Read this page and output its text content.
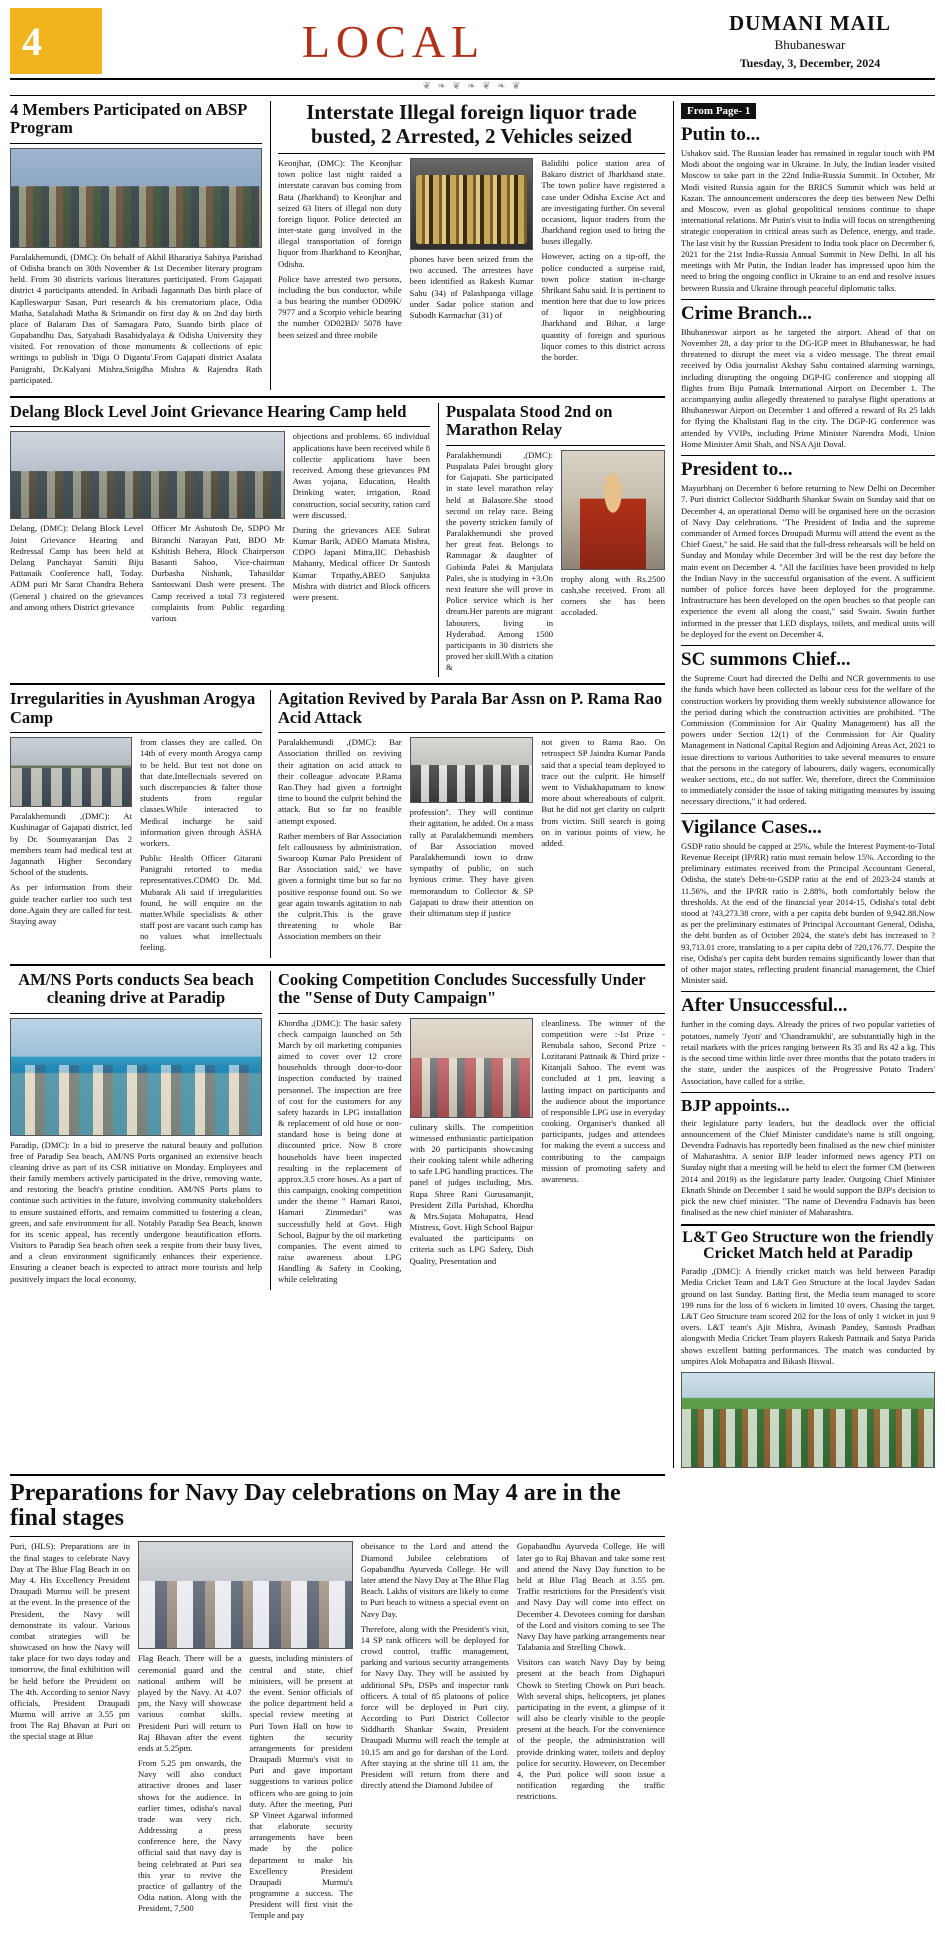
4	LOCAL	DUMANI MAIL
Bhubaneswar
Tuesday, 3, December, 2024
❦ ❧ ❦ ❧ ❦ ❧ ❦
4 Members Participated on ABSP Program

Paralakhemundi, (DMC): On behalf of Akhil Bharatiya Sahitya Parishad of Odisha branch on 30th November & 1st December literary program held. From 30 districts various literatures participated. From Gajapati district 4 participants attended. In Aribadi Jagannath Das birth place of Kaplleswarpur Sasan, Puri research & his crematorium place, Odia Matha, Satalahadi Matha & Srimandir on first day & on 2nd day birth place of Balaram Das of Samagara Pato, Suando birth place of Gopabandhu Das, Satyabadi Basabidyalaya & Odisha University they visited. For renovation of those monuments & collections of epic writings to publish in 'Diga O Diganta'.From Gajapati district Asalata Panigrahi, Dr.Kalyani Mishra,Snigdha Mishra & Rajendra Rath participated.

Interstate Illegal foreign liquor trade busted, 2 Arrested, 2 Vehicles seized

Keonjhar, (DMC): The Keonjhar town police last night raided a interstate caravan bus coming from Bata (Jharkhand) to Keonjhar and seized 63 liters of illegal non duty foreign liquor. Police detected an inter-state gang involved in the illegal transportation of foreign liquor from Jharkhand to Keonjhar, Odisha.

Police have arrested two persons, including the bus conductor, while a bus bearing the number OD09K/ 7977 and a Scorpio vehicle bearing the number OD02BD/ 5078 have been seized and three mobile

phones have been seized from the two accused. The arrestees have been identified as Rakesh Kumar Sahu (34) of Palashpanga village under Sadar police station and Subodh Karmachar (31) of

Balidihi police station area of Bakaro district of Jharkhand state. The town police have registered a case under Odisha Excise Act and are investigating further. On several occasions, liquor traders from the Jharkhand region used to bring the buses illegally.

However, acting on a tip-off, the police conducted a surprise raid, town police station in-charge Shrikant Sahu said. It is pertinent to mention here that due to low prices of liquor in neighbouring Jharkhand and Bihar, a large quantity of foreign and spurious liquor comes to this district across the border.

Delang Block Level Joint Grievance Hearing Camp held

Delang, (DMC): Delang Block Level Joint Grievance Hearing and Redressal Camp has been held at Delang Panchayat Samiti Biju Pattanaik Conference hall, Today. ADM puri Mr Sarat Chandra Behera (General ) chaired on the grievances and among others District grievance

Officer Mr Ashutosh De, SDPO Mr Biranchi Narayan Pati, BDO Mr Kshitish Behera, Block Chairperson Basanti Sahoo, Vice-chairman Durbasha Nishank, Tahasildar Santoswani Dash were present. The Camp received a total 73 registered complaints from Public regarding various

objections and problems. 65 individual applications have been received while 8 collectie applications have been received. Among these grievances PM Awas yojana, Education, Health Drinking water, irrigation, Road construction, social security, ration card were discussed.

During the grievances AEE Subrat Kumar Barik, ADEO Mamata Mishra, CDPO Japani Mitra,IIC Debashish Mahanty, Medical officer Dr Santosh Kumar Tripathy,ABEO Sanjukta Mishra with district and Block officers were present.

Puspalata Stood 2nd on Marathon Relay

Paralakhemundi ,(DMC): Puspalata Palei brought glory for Gajapati. She participated in state level marathon relay held at Balasore.She stood second on relay race. Being the poverty stricken family of Paralakhemundi she proved her great feat. Belongs to Ramnagar & daughter of Gobinda Palei & Manjulata Palei, she is studying in +3.On next feature she will prove in Police service which is her dream.Her parents are migrant labourers, living in Hyderabad. Among 1500 participants in 30 districts she proved her skill.With a citation &

trophy along with Rs.2500 cash,she received. From all corners she has been accoladed.

Irregularities in Ayushman Arogya Camp

Paralakhemundi ,(DMC): At Kushinagar of Gajapati district, led by Dr. Soumyaranjan Das 2 members team had medical test at Jagannath Higher Secondary School of the students.

As per information from their guide teacher earlier too such test done.Again they are called for test. Staying away

from classes they are called. On 14th of every month Arogya camp to be held. But test not done on that date.Intellectuals severed on such discrepancies & falter those students from regular classes.While interacted to Medical incharge he said information given through ASHA workers.

Public Health Officer Gitarani Panigrahi retorted to media representatives.CDMO Dr. Md. Mubarak Ali said if irregularities found, he will enquire on the matter.While specialists & other staff post are vacant such camp has no values what intellectuals feeling.

Agitation Revived by Parala Bar Assn on P. Rama Rao Acid Attack

Paralakhemundi ,(DMC): Bar Association thrilled on reviving their agitation on acid attack to their colleague advocate P.Rama Rao.They had given a fortnight time to bound the culprit behind the attack. But so far no feasible attempt exposed.

Rather members of Bar Association felt callousness by administration. Swaroop Kumar Palo President of Bar Association said,' we have given a fortnight time but so far no positive response found out. So we gear again towards agitation to nab the culprit.This is the grave threatening to whole Bar Association members on their

profession''. They will continue their agitation, he added. On a mass rally at Paralakhemundi members of Bar Association moved Paralakhemundi town to draw sympathy of public, on such hynious crime. They have given memorandum to Collector & SP Gajapati to draw their attention on their ultimatum step if justice

not given to Rama Rao. On retrospect SP Jaindra Kumar Panda said that a special team deployed to trace out the culprit. He himself went to Vishakhapatnam to know more about whereabouts of culprit. But he did not get clarity on culprit from victim. Still search is going on in various points of view, he added.

AM/NS Ports conducts Sea beach cleaning drive at Paradip

Paradip, (DMC): In a bid to preserve the natural beauty and pollution free of Paradip Sea beach, AM/NS Ports organised an extensive beach cleaning drive as part of its CSR initiative on Monday. Employees and their family members actively participated in the drive, removing waste, and restoring the beach's pristine condition. AM/NS Ports plans to continue such activities in the future, involving community stakeholders to ensure sustained efforts, and remains committed to fostering a clean, green, and safe environment for all. Notably Paradip Sea Beach, known for its scenic appeal, has recently undergone beautification efforts. Visitors to Paradip Sea beach often seek a respite from their busy lives, and a clean environment significantly enhances their experience. Ensuring a cleaner beach is expected to attract more tourists and help positively impact the local economy,

Cooking Competition Concludes Successfully Under the "Sense of Duty Campaign"

Khordha ,(DMC): The basic safety check campaign launched on 5th March by oil marketing companies aimed to cover over 12 crore households through door-to-door inspection conducted by trained personnel. The inspection are free of cost for the customers for any safety hazards in LPG installation & replacement of old hose or non-standard hose is being done at discounted price. Now 8 crore households have been inspected resulting in the replacement of approx.3.5 crore hoses. As a part of this campaign, cooking competition under the theme " Hamari Rasoi, Hamari Zimmedari" was successfully held at Govt. High School, Bajpur by the oil marketing companies. The event aimed to raise awareness about LPG Handling & Safety in Cooking, while celebrating

culinary skills. The competition witnessed enthusiastic participation with 20 participants showcasing their cooking talent while adhering to safe LPG handling practices. The panel of judges including, Mrs. Rupa Shree Rani Gurusamanjit, President Zilla Parishad, Khordha & Mrs.Sujata Mohapatra, Head Mistress, Govt. High School Bajpur evaluated the participants on criteria such as LPG Safety, Dish Quality, Presentation and

cleanliness. The winner of the competition were :-Ist Prize - Renubala sahoo, Second Prize - Lozitarani Pattnaik & Third prize -Kitanjali Sahoo. The event was concluded at 1 pm, leaving a lasting impact on participants and the audience about the importance of responsible LPG use in everyday cooking. Organiser's thanked all participants, judges and attendees for making the event a success and contributing to the campaign mission of promoting safety and awareness.

From Page- 1
Putin to...

Ushakov said. The Russian leader has remained in regular touch with PM Modi about the ongoing war in Ukraine. In July, the Indian leader visited Moscow to take part in the 22nd India-Russia Summit. In October, Mr Modi visited Russia again for the BRICS Summit which was held at Kazan. The announcement underscores the deep ties between New Delhi and Moscow, even as global geopolitical tensions continue to shape international relations. Mr Putin's visit to India will focus on strengthening strategic cooperation in critical areas such as Defence, energy, and trade. The last visit by the Russian President to India took place on December 6, 2021 for the 21st India-Russia Annual Summit in New Delhi. In all his meetings with Mr Putin, the Indian leader has impressed upon him the need to bring the ongoing conflict in Ukraine to an end and resolve issues between Russia and Ukraine through peaceful diplomatic talks.

Crime Branch...

Bhubaneswar airport as he targeted the airport. Ahead of that on November 28, a day prior to the DG-IGP meet in Bhubaneswar, he had threatened to disrupt the meet via a video message. The threat email received by Odia journalist Akshay Sahu contained alarming warnings, including disrupting the ongoing DGP-IG conference and stopping all flights from Biju Patnaik International Airport on December 1. The accompanying audio allegedly threatened to paralyse flight operations at Bhubaneswar Airport on December 1 and offered a reward of Rs 25 lakh for flying the Khalistani flag in the city. The DGP-IG conference was attended by VVIPs, including Prime Minister Narendra Modi, Union Home Minister Amit Shah, and NSA Ajit Doval.

President to...

Mayurbhanj on December 6 before returning to New Delhi on December 7. Puri district Collector Siddharth Shankar Swain on Sunday said that on December 4, an operational Demo will be organised here on the occasion of Navy Day celebrations. "The President of India and the supreme commander of Armed forces Droupadi Murmu will attend the event as the Chief Guest," he said. He said that the full-dress rehearsals will be held on Sunday and Monday while December 3rd will be the rest day before the main event on December 4. "All the facilities have been provided to help the Indian Navy in the successful organisation of the event. A sufficient number of police forces have been deployed for the programme. Infrastructure has been developed on the open beaches so that people can experience the event all along the coast," said Swain. Swain further informed in the presser that LED displays, toilets, and medical units will be deployed for the event on December 4.

SC summons Chief...

the Supreme Court had directed the Delhi and NCR governments to use the funds which have been collected as labour cess for the welfare of the construction workers by providing them weekly subsistence allowance for the period during which the construction activities are prohibited. "The Commission (Commission for Air Quality Management) has all the powers under Section 12(1) of the Commission for Air Quality Management in National Capital Region and Adjoining Areas Act, 2021 to issue directions to various Authorities to take several measures to ensure that the persons in the category of labourers, daily wagers, economically weaker sections, etc., do not suffer. We, therefore, direct the Commission to immediately consider the issue of taking mitigating measures by issuing necessary directions," it had ordered.

Vigilance Cases...

GSDP ratio should be capped at 25%, while the Interest Payment-to-Total Revenue Receipt (IP/RR) ratio must remain below 15%. According to the preliminary estimates received from the Principal Accountant General, Odisha, the state's Debt-to-GSDP ratio at the end of 2023-24 stands at 11.56%, and the IP/RR ratio is 2.88%, both comfortably below the thresholds. At the end of the financial year 2014-15, Odisha's total debt stood at ?43,273.38 crore, with a per capita debt burden of 9,942.88.Now as per the preliminary estimates of Principal Accountant General, Odisha, the debt burden as of October 2024, the state's debt has increased to ?93,713.01 crore, translating to a per capita debt of ?20,176.77. Despite the rise, Odisha's per capita debt burden remains significantly lower than that of other major states, reflecting prudent financial management, the Chief Minister said.

After Unsuccessful...

further in the coming days. Already the prices of two popular varieties of potatoes, namely 'Jyoti' and 'Chandramukhi', are substantially high in the retail markets with the prices ranging between Rs 35 and Rs 42 a kg. This is the second time within little over three months that the potato traders in the state, under the auspices of the Progressive Potato Traders' Association, have called for a strike.

BJP appoints...

their legislature party leaders, but the deadlock over the official announcement of the Chief Minister candidate's name is still ongoing. Devendra Fadnavis has reportedly been finalised as the new chief minister of Maharashtra. A senior BJP leader informed news agency PTI on Sunday night that a meeting will be held to elect the former CM (between 2014 and 2019) as the legislature party leader. Outgoing Chief Minister Eknath Shinde on December 1 said he would support the BJP's decision to pick the new chief minister. "The name of Devendra Fadnavis has been finalised as the new chief minister of Maharashtra.

L&T Geo Structure won the friendly Cricket Match held at Paradip

Paradip ,(DMC): A friendly cricket match was held between Paradip Media Cricket Team and L&T Geo Structure at the local Jaydev Sadan ground on last Sunday. Batting first, the Media team managed to score 199 runs for the loss of 6 wickets in limited 10 overs. Chasing the target, L&T Geo Structure team scored 202 for the loss of only 1 wicket in just 9 overs. L&T team's Ajit Mishra, Avinash Pandey, Santosh Pradhan alongwith Media Cricket Team players Rakesh Pattnaik and Satya Parida shows excellent batting performances. The match was conducted by umpires Alok Mohapatra and Bikash Biswal.

Preparations for Navy Day celebrations on May 4 are in the final stages

Puri, (HLS): Preparations are in the final stages to celebrate Navy Day at The Blue Flag Beach in on May 4. His Excellency President Draupadi Murmu will be present at the event. In the presence of the President, the Navy will demonstrate its valour. Various combat strategies will be showcased on how the Navy will take place for two days today and tomorrow, the final exhibition will be held before the President on The 4th. According to senior Navy officials, President Draupadi Murmu will arrive at 3.55 pm from The Raj Bhavan at Puri on the special stage at Blue

Flag Beach. There will be a ceremonial guard and the national anthem will be played by the Navy. At 4.07 pm, the Navy will showcase various combat skills. President Puri will return to Raj Bhavan after the event ends at 5.25pm.

From 5.25 pm onwards, the Navy will also conduct attractive drones and laser shows for the audience. In earlier times, odisha's naval trade was very rich. Addressing a press conference here, the Navy official said that navy day is being celebrated at Puri sea this year to revive the practice of gallantry of the Odia nation. Along with the President, 7,500

guests, including ministers of central and state, chief ministers, will be present at the event. Senior officials of the police department held a special review meeting at Puri Town Hall on how to tighten the security arrangements for president Draupadi Murmu's visit to Puri and gave important suggestions to various police officers who are going to join duty. After the meeting, Puri SP Vineet Agarwal informed that elaborate security arrangements have been made by the police department to make his Excellency President Draupadi Murmu's programme a success. The President will first visit the Temple and pay

obeisance to the Lord and attend the Diamond Jubilee celebrations of Gopabandhu Ayurveda College. He will later attend the Navy Day at The Blue Flag Beach. Lakhs of visitors are likely to come to Puri beach to witness a special event on Navy Day.

Therefore, along with the President's visit, 14 SP rank officers will be deployed for crowd control, traffic management, parking and various security arrangements for Navy Day. They will be assisted by additional SPs, DSPs and inspector rank officers. A total of 85 platoons of police force will be deployed in Puri city. According to Puri District Collector Siddharth Shankar Swain, President Draupadi Murmu will reach the temple at 10.15 am and go for darshan of the Lord. After staying at the shrine till 11 am, the President will return from there and directly attend the Diamond Jubilee of

Gopabandhu Ayurveda College. He will later go to Raj Bhavan and take some rest and attend the Navy Day function to be held at Blue Flag Beach at 3.55 pm. Traffic restrictions for the President's visit and Navy Day will come into effect on December 4. Devotees coming for darshan of the Lord and visitors coming to see The Navy Day have parking arrangements near Talabania and Strelling Chowk.

Visitors can watch Navy Day by being present at the beach from Dighapuri Chowk to Sterling Chowk on Puri beach. With several ships, helicopters, jet planes participating in the event, a glimpse of it will also be clearly visible to the people present at the beach. For the convenience of the people, the administration will provide drinking water, toilets and deploy police for security. However, on December 4, the Puri police will soon issue a notification regarding the traffic restrictions.
